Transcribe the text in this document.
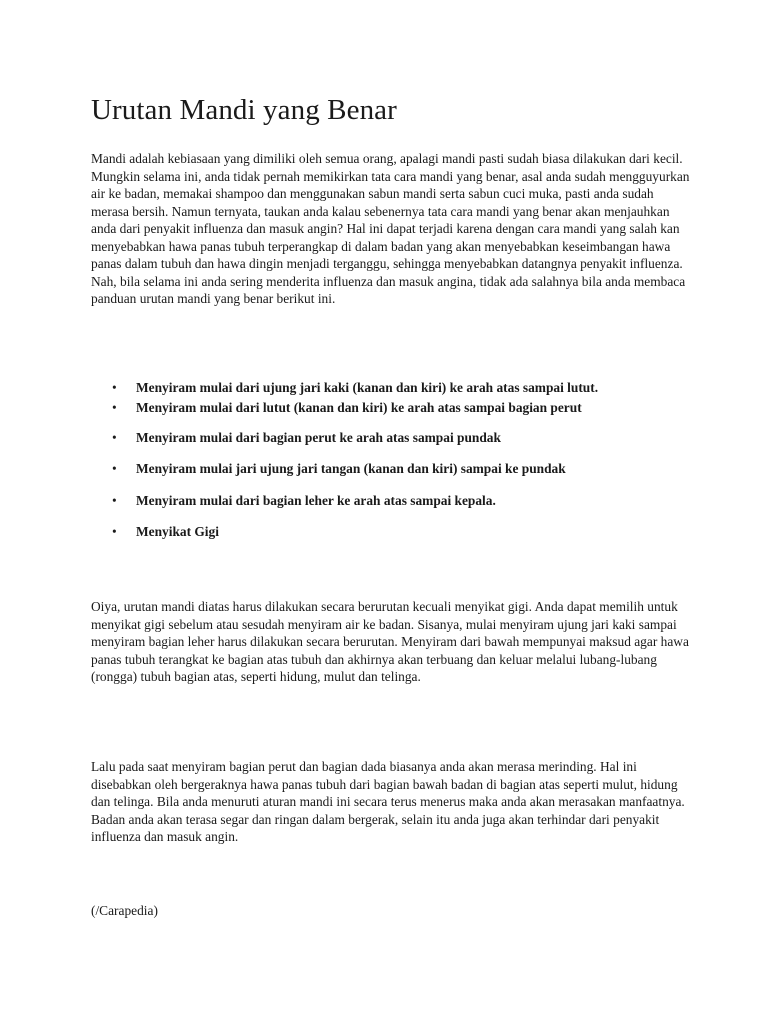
Urutan Mandi yang Benar

Mandi adalah kebiasaan yang dimiliki oleh semua orang, apalagi mandi pasti sudah biasa dilakukan dari kecil. Mungkin selama ini, anda tidak pernah memikirkan tata cara mandi yang benar, asal anda sudah mengguyurkan air ke badan, memakai shampoo dan menggunakan sabun mandi serta sabun cuci muka, pasti anda sudah merasa bersih. Namun ternyata, taukan anda kalau sebenernya tata cara mandi yang benar akan menjauhkan anda dari penyakit influenza dan masuk angin? Hal ini dapat terjadi karena dengan cara mandi yang salah kan menyebabkan hawa panas tubuh terperangkap di dalam badan yang akan menyebabkan keseimbangan hawa panas dalam tubuh dan hawa dingin menjadi terganggu, sehingga menyebabkan datangnya penyakit influenza. Nah, bila selama ini anda sering menderita influenza dan masuk angina, tidak ada salahnya bila anda membaca panduan urutan mandi yang benar berikut ini.

• Menyiram mulai dari ujung jari kaki (kanan dan kiri) ke arah atas sampai lutut.
• Menyiram mulai dari lutut (kanan dan kiri) ke arah atas sampai bagian perut
• Menyiram mulai dari bagian perut ke arah atas sampai pundak
• Menyiram mulai jari ujung jari tangan (kanan dan kiri) sampai ke pundak
• Menyiram mulai dari bagian leher ke arah atas sampai kepala.
• Menyikat Gigi

Oiya, urutan mandi diatas harus dilakukan secara berurutan kecuali menyikat gigi. Anda dapat memilih untuk menyikat gigi sebelum atau sesudah menyiram air ke badan. Sisanya, mulai menyiram ujung jari kaki sampai menyiram bagian leher harus dilakukan secara berurutan. Menyiram dari bawah mempunyai maksud agar hawa panas tubuh terangkat ke bagian atas tubuh dan akhirnya akan terbuang dan keluar melalui lubang-lubang (rongga) tubuh bagian atas, seperti hidung, mulut dan telinga.

Lalu pada saat menyiram bagian perut dan bagian dada biasanya anda akan merasa merinding. Hal ini disebabkan oleh bergeraknya hawa panas tubuh dari bagian bawah badan di bagian atas seperti mulut, hidung dan telinga. Bila anda menuruti aturan mandi ini secara terus menerus maka anda akan merasakan manfaatnya. Badan anda akan terasa segar dan ringan dalam bergerak, selain itu anda juga akan terhindar dari penyakit influenza dan masuk angin.

(/Carapedia)
